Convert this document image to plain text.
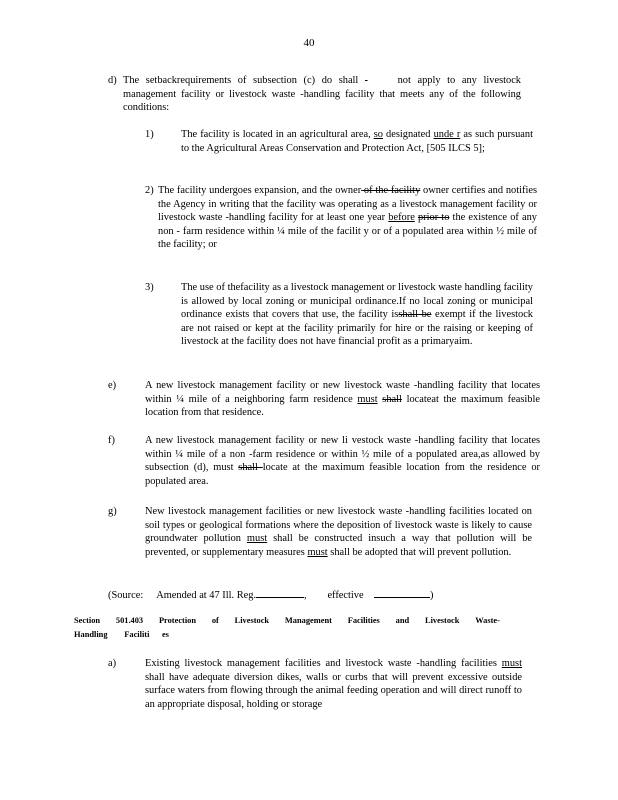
40
d) The setbackrequirements of subsection (c) do shall	not apply to any livestock management facility or livestock waste -handling facility that meets any of the following conditions:

1)	The facility is located in an agricultural area, so designated unde r as such pursuant to the Agricultural Areas Conservation and Protection Act, [505 ILCS 5];

2) The facility undergoes expansion, and the owner of the facility owner certifies and notifies the Agency in writing that the facility was operating as a livestock management facility or livestock waste -handling facility for at least one year before prior to the existence of any non - farm residence within ¼ mile of the facilit y or of a populated area within ½ mile of the facility; or

3)	The use of thefacility as a livestock management or livestock waste handling facility is allowed by local zoning or municipal ordinance.If no local zoning or municipal ordinance exists that covers that use, the facility isshall be exempt if the livestock are not raised or kept at the facility primarily for hire or the raising or keeping of livestock at the facility does not have financial profit as a primaryaim.

e)	A new livestock management facility or new livestock waste -handling facility that locates within ¼ mile of a neighboring farm residence must shall locateat the maximum feasible location from that residence.

f)	A new livestock management facility or new li vestock waste -handling facility that locates within ¼ mile of a non -farm residence or within ½ mile of a populated area,as allowed by subsection (d), must shall locate at the maximum feasible location from the residence or populated area.

g)	New livestock management facilities or new livestock waste -handling facilities located on soil types or geological formations where the deposition of livestock waste is likely to cause groundwater pollution must shall be constructed insuch a way that pollution will be prevented, or supplementary measures must shall be adopted that will prevent pollution.

(Source: Amended at 47 Ill. Reg.	, effective	)
Section 501.403 Protection of Livestock Management Facilities and Livestock Waste-
Handling Faciliti es
a)	Existing livestock management facilities and livestock waste -handling facilities must shall have adequate diversion dikes, walls or curbs that will prevent excessive outside surface waters from flowing through the animal feeding operation and will direct runoff to an appropriate disposal, holding or storage
